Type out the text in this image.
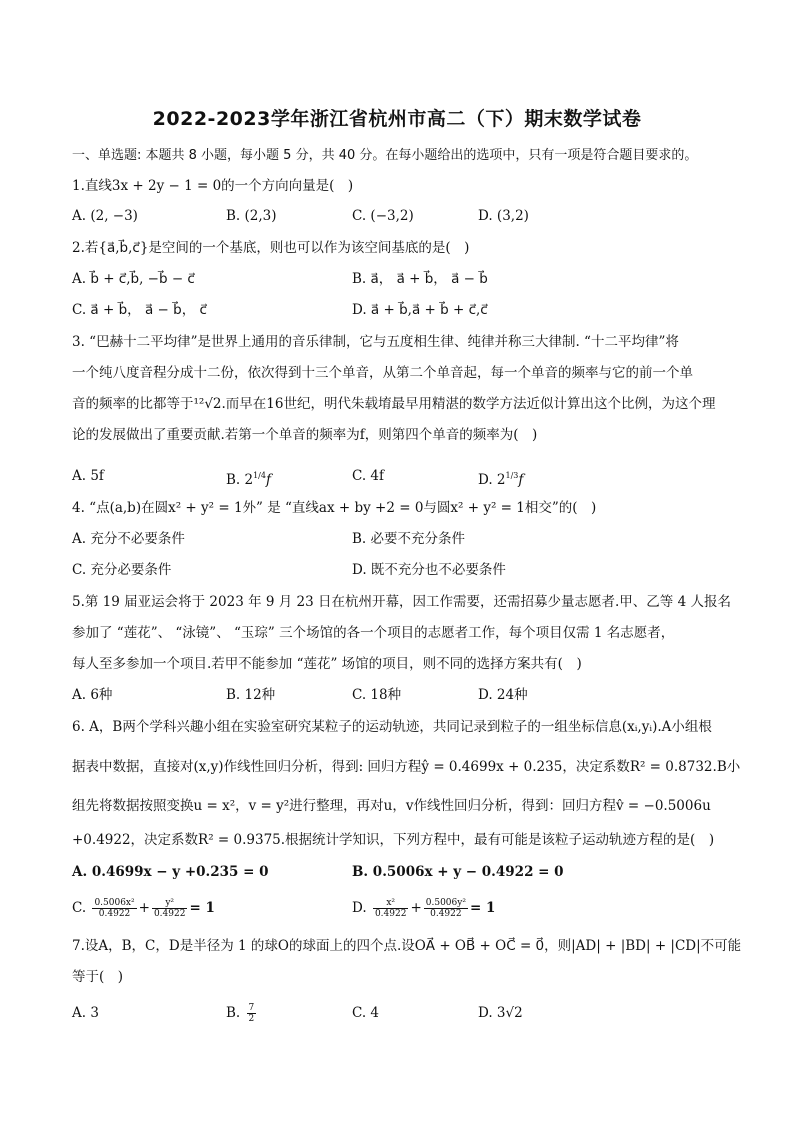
2022-2023学年浙江省杭州市高二（下）期末数学试卷
一、单选题: 本题共 8 小题，每小题 5 分，共 40 分。在每小题给出的选项中，只有一项是符合题目要求的。
1.直线3x + 2y − 1 = 0的一个方向向量是(　)
A. (2, −3)	B. (2,3)	C. (−3,2)	D. (3,2)
2.若{a⃗,b⃗,c⃗}是空间的一个基底，则也可以作为该空间基底的是(　)
A. b⃗ + c⃗,b⃗, −b⃗ − c⃗	B. a⃗， a⃗ + b⃗， a⃗ − b⃗
C. a⃗ + b⃗， a⃗ − b⃗， c⃗	D. a⃗ + b⃗,a⃗ + b⃗ + c⃗,c⃗
3. “巴赫十二平均律”是世界上通用的音乐律制，它与五度相生律、纯律并称三大律制. “十二平均律”将
一个纯八度音程分成十二份，依次得到十三个单音，从第二个单音起，每一个单音的频率与它的前一个单
音的频率的比都等于¹²√2.而早在16世纪，明代朱载堉最早用精湛的数学方法近似计算出这个比例，为这个理
论的发展做出了重要贡献.若第一个单音的频率为f，则第四个单音的频率为(　)
A. 5f	B. $2^{1/4}f$	C. 4f	D. $2^{1/3}f$
4. “点(a,b)在圆x² + y² = 1外” 是 “直线ax + by +2 = 0与圆x² + y² = 1相交”的(　)
A. 充分不必要条件	B. 必要不充分条件
C. 充分必要条件	D. 既不充分也不必要条件
5.第 19 届亚运会将于 2023 年 9 月 23 日在杭州开幕，因工作需要，还需招募少量志愿者.甲、乙等 4 人报名
参加了 “莲花”、 “泳镜”、 “玉琮” 三个场馆的各一个项目的志愿者工作，每个项目仅需 1 名志愿者，
每人至多参加一个项目.若甲不能参加 “莲花” 场馆的项目，则不同的选择方案共有(　)
A. 6种	B. 12种	C. 18种	D. 24种
6. A，B两个学科兴趣小组在实验室研究某粒子的运动轨迹，共同记录到粒子的一组坐标信息(xᵢ,yᵢ).A小组根
据表中数据，直接对(x,y)作线性回归分析，得到: 回归方程ŷ = 0.4699x + 0.235，决定系数R² = 0.8732.B小
组先将数据按照变换u = x²，v = y²进行整理，再对u，v作线性回归分析，得到：回归方程v̂ = −0.5006u
+0.4922，决定系数R² = 0.9375.根据统计学知识，下列方程中，最有可能是该粒子运动轨迹方程的是(　)
A. 0.4699x − y +0.235 = 0	B. 0.5006x + y − 0.4922 = 0
C. $\frac{\text{0.5006x²}}{0.4922} + \frac{\text{y²}}{0.4922} = 1$	D. $\frac{\text{x²}}{0.4922} + \frac{\text{0.5006y²}}{0.4922} = 1$
7.设A，B，C，D是半径为 1 的球O的球面上的四个点.设OA⃗ + OB⃗ + OC⃗ = 0⃗，则|AD| + |BD| + |CD|不可能
等于(　)
A. 3	B. $\frac{7}{2}$	C. 4	D. 3√2
